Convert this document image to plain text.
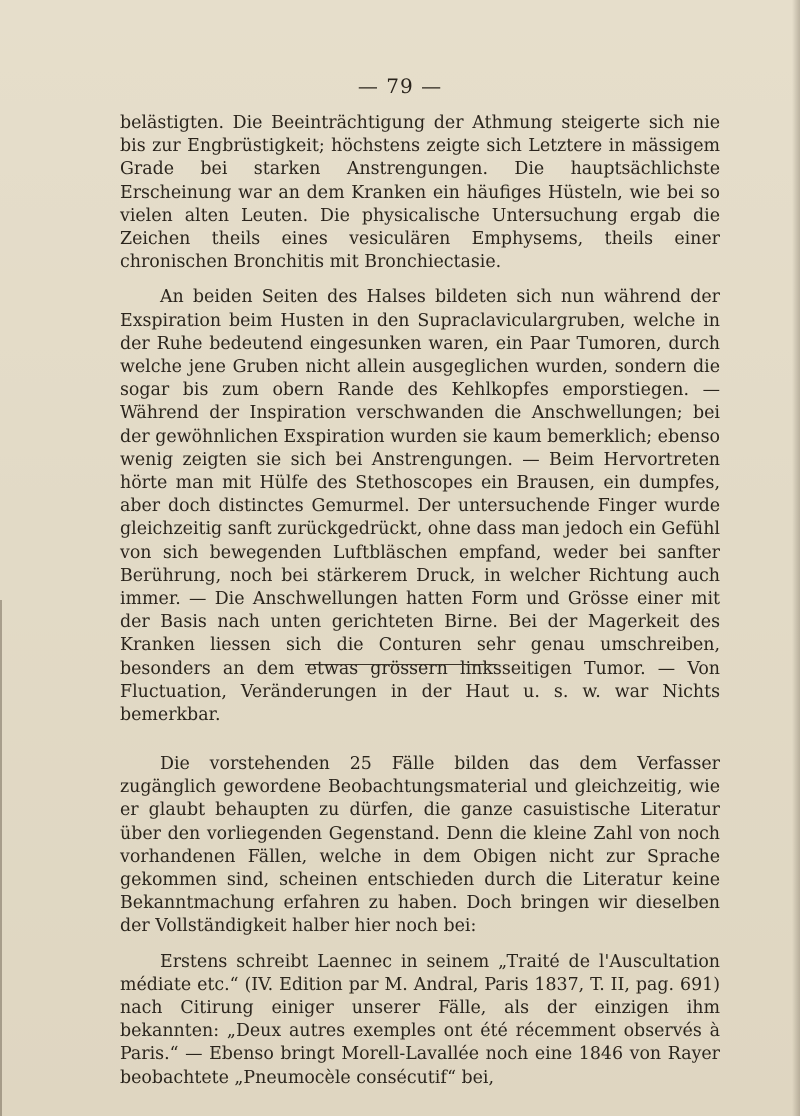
— 79 —

belästigten. Die Beeinträchtigung der Athmung steigerte sich nie bis zur Engbrüstigkeit; höchstens zeigte sich Letztere in mässigem Grade bei starken Anstrengungen. Die hauptsächlichste Erscheinung war an dem Kranken ein häufiges Hüsteln, wie bei so vielen alten Leuten. Die physicalische Untersuchung ergab die Zeichen theils eines vesiculären Emphysems, theils einer chronischen Bronchitis mit Bronchiectasie.

An beiden Seiten des Halses bildeten sich nun während der Exspiration beim Husten in den Supraclaviculargruben, welche in der Ruhe bedeutend eingesunken waren, ein Paar Tumoren, durch welche jene Gruben nicht allein ausgeglichen wurden, sondern die sogar bis zum obern Rande des Kehlkopfes emporstiegen. — Während der Inspiration verschwanden die Anschwellungen; bei der gewöhnlichen Exspiration wurden sie kaum bemerklich; ebenso wenig zeigten sie sich bei Anstrengungen. — Beim Hervortreten hörte man mit Hülfe des Stethoscopes ein Brausen, ein dumpfes, aber doch distinctes Gemurmel. Der untersuchende Finger wurde gleichzeitig sanft zurückgedrückt, ohne dass man jedoch ein Gefühl von sich bewegenden Luftbläschen empfand, weder bei sanfter Berührung, noch bei stärkerem Druck, in welcher Richtung auch immer. — Die Anschwellungen hatten Form und Grösse einer mit der Basis nach unten gerichteten Birne. Bei der Magerkeit des Kranken liessen sich die Conturen sehr genau umschreiben, besonders an dem etwas grössern linksseitigen Tumor. — Von Fluctuation, Veränderungen in der Haut u. s. w. war Nichts bemerkbar.

Die vorstehenden 25 Fälle bilden das dem Verfasser zugänglich gewordene Beobachtungsmaterial und gleichzeitig, wie er glaubt behaupten zu dürfen, die ganze casuistische Literatur über den vorliegenden Gegenstand. Denn die kleine Zahl von noch vorhandenen Fällen, welche in dem Obigen nicht zur Sprache gekommen sind, scheinen entschieden durch die Literatur keine Bekanntmachung erfahren zu haben. Doch bringen wir dieselben der Vollständigkeit halber hier noch bei:

Erstens schreibt Laennec in seinem „Traité de l'Auscultation médiate etc.“ (IV. Edition par M. Andral, Paris 1837, T. II, pag. 691) nach Citirung einiger unserer Fälle, als der einzigen ihm bekannten: „Deux autres exemples ont été récemment observés à Paris.“ — Ebenso bringt Morell-Lavallée noch eine 1846 von Rayer beobachtete „Pneumocèle consécutif“ bei,
